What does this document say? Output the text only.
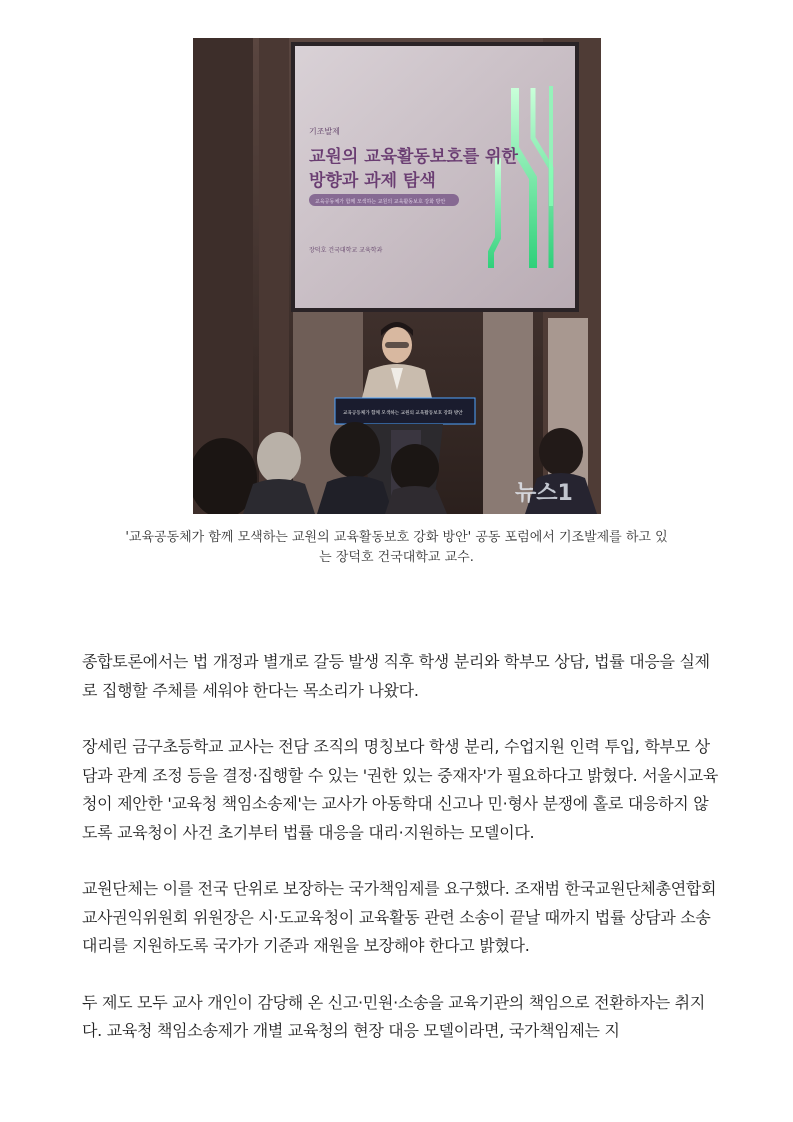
기조발제
교원의 교육활동보호를 위한
방향과 과제 탐색
교육공동체가 함께 모색하는 교원의 교육활동보호 강화 방안
장덕호 건국대학교 교육학과
교육공동체가 함께 모색하는 교원의 교육활동보호 강화 방안
뉴스1
'교육공동체가 함께 모색하는 교원의 교육활동보호 강화 방안' 공동 포럼에서 기조발제를 하고 있
는 장덕호 건국대학교 교수.

종합토론에서는 법 개정과 별개로 갈등 발생 직후 학생 분리와 학부모 상담, 법률 대응을 실제로 집행할 주체를 세워야 한다는 목소리가 나왔다.

장세린 금구초등학교 교사는 전담 조직의 명칭보다 학생 분리, 수업지원 인력 투입, 학부모 상담과 관계 조정 등을 결정·집행할 수 있는 '권한 있는 중재자'가 필요하다고 밝혔다. 서울시교육청이 제안한 '교육청 책임소송제'는 교사가 아동학대 신고나 민·형사 분쟁에 홀로 대응하지 않도록 교육청이 사건 초기부터 법률 대응을 대리·지원하는 모델이다.

교원단체는 이를 전국 단위로 보장하는 국가책임제를 요구했다. 조재범 한국교원단체총연합회 교사권익위원회 위원장은 시·도교육청이 교육활동 관련 소송이 끝날 때까지 법률 상담과 소송 대리를 지원하도록 국가가 기준과 재원을 보장해야 한다고 밝혔다.

두 제도 모두 교사 개인이 감당해 온 신고·민원·소송을 교육기관의 책임으로 전환하자는 취지다. 교육청 책임소송제가 개별 교육청의 현장 대응 모델이라면, 국가책임제는 지
